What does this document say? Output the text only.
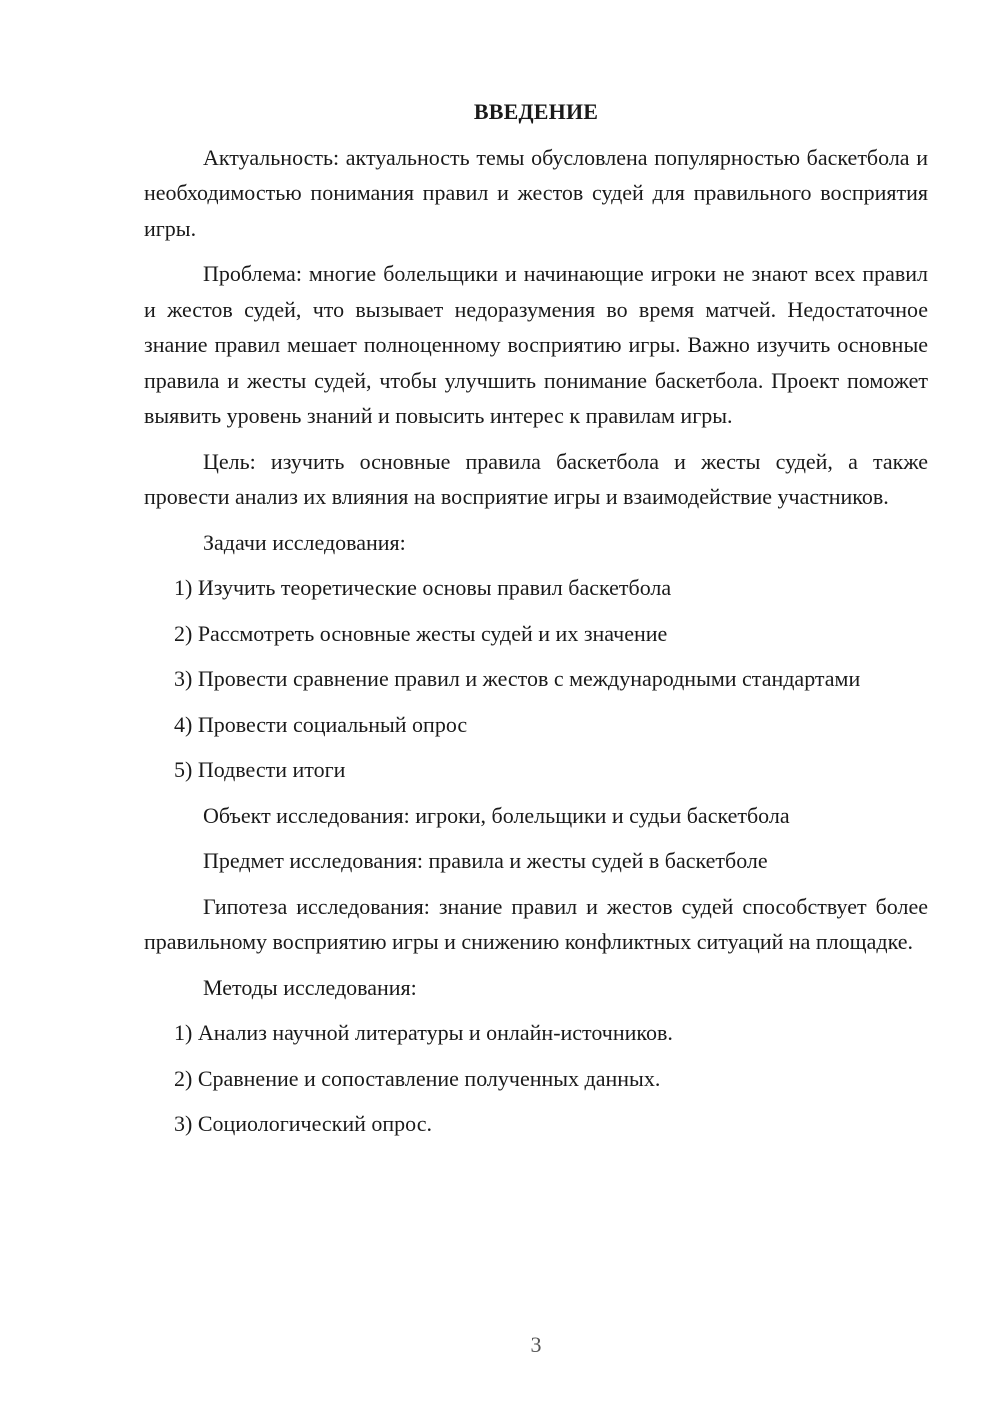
ВВЕДЕНИЕ

Актуальность: актуальность темы обусловлена популярностью баскетбола и необходимостью понимания правил и жестов судей для правильного восприятия игры.

Проблема: многие болельщики и начинающие игроки не знают всех правил и жестов судей, что вызывает недоразумения во время матчей. Недостаточное знание правил мешает полноценному восприятию игры. Важно изучить основные правила и жесты судей, чтобы улучшить понимание баскетбола. Проект поможет выявить уровень знаний и повысить интерес к правилам игры.

Цель: изучить основные правила баскетбола и жесты судей, а также провести анализ их влияния на восприятие игры и взаимодействие участников.

Задачи исследования:
1) Изучить теоретические основы правил баскетбола
2) Рассмотреть основные жесты судей и их значение
3) Провести сравнение правил и жестов с международными стандартами
4) Провести социальный опрос
5) Подвести итоги
Объект исследования: игроки, болельщики и судьи баскетбола
Предмет исследования: правила и жесты судей в баскетболе

Гипотеза исследования: знание правил и жестов судей способствует более правильному восприятию игры и снижению конфликтных ситуаций на площадке.

Методы исследования:
1) Анализ научной литературы и онлайн-источников.
2) Сравнение и сопоставление полученных данных.
3) Социологический опрос.
3
